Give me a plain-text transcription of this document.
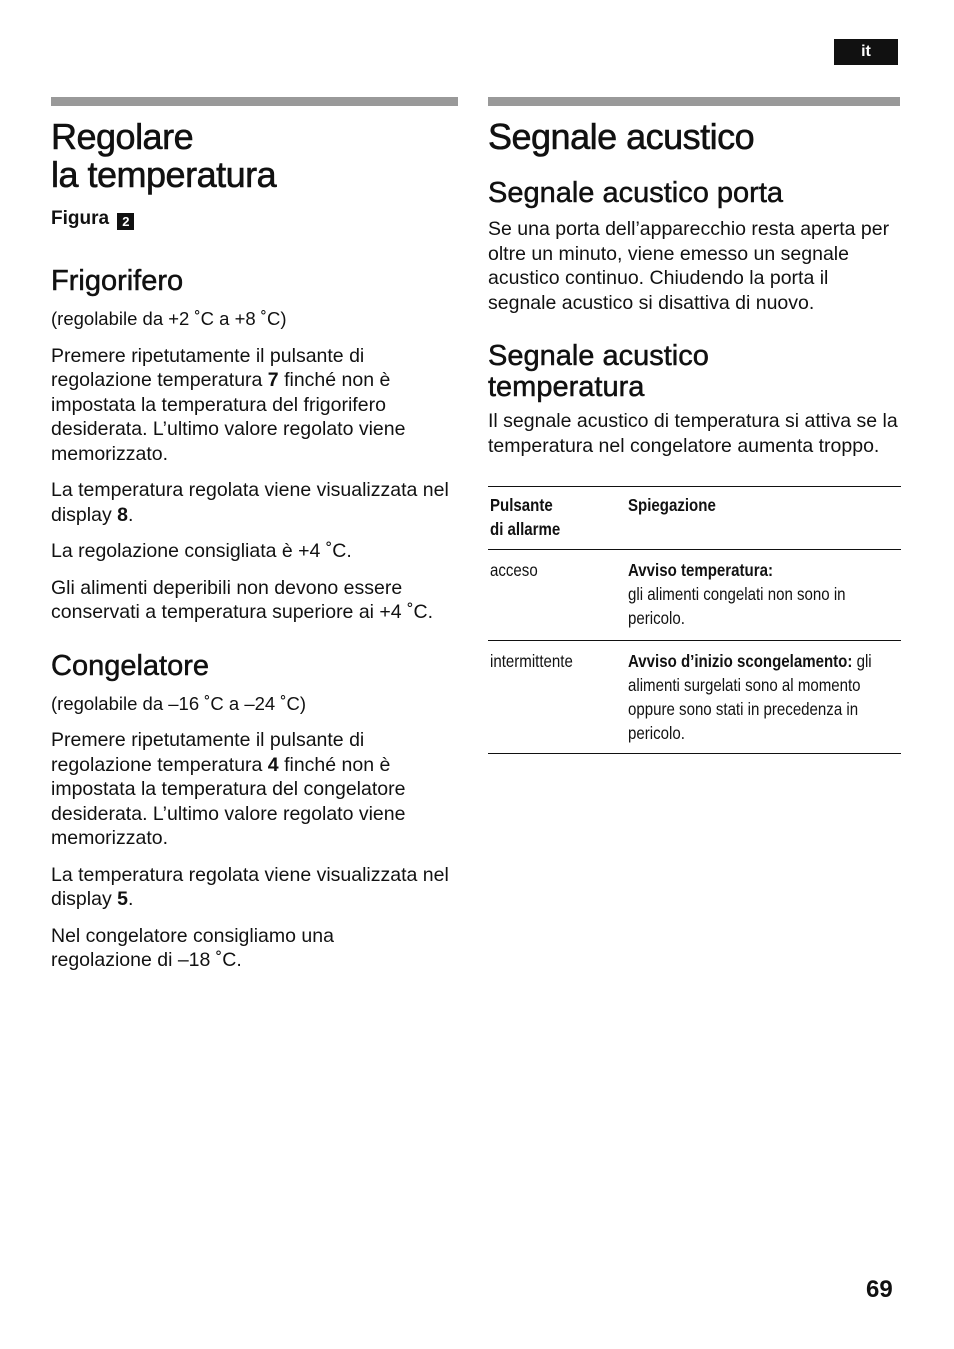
it
Regolare
la temperatura
Figura 2
Frigorifero

(regolabile da +2 ˚C a +8 ˚C)

Premere ripetutamente il pulsante di regolazione temperatura 7 finché non è impostata la temperatura del frigorifero desiderata. L’ultimo valore regolato viene memorizzato.

La temperatura regolata viene visualizzata nel display 8.

La regolazione consigliata è +4 ˚C.

Gli alimenti deperibili non devono essere conservati a temperatura superiore ai +4 ˚C.

Congelatore

(regolabile da –16 ˚C a –24 ˚C)

Premere ripetutamente il pulsante di regolazione temperatura 4 finché non è impostata la temperatura del congelatore desiderata. L’ultimo valore regolato viene memorizzato.

La temperatura regolata viene visualizzata nel display 5.

Nel congelatore consigliamo una regolazione di –18 ˚C.

Segnale acustico
Segnale acustico porta

Se una porta dell’apparecchio resta aperta per oltre un minuto, viene emesso un segnale acustico continuo. Chiudendo la porta il segnale acustico si disattiva di nuovo.

Segnale acustico
temperatura

Il segnale acustico di temperatura si attiva se la temperatura nel congelatore aumenta troppo.

Pulsante
di allarme	Spiegazione

acceso	Avviso temperatura:
gli alimenti congelati non sono in pericolo.

intermittente	Avviso d’inizio scongelamento: gli alimenti surgelati sono al momento oppure sono stati in precedenza in pericolo.
69
